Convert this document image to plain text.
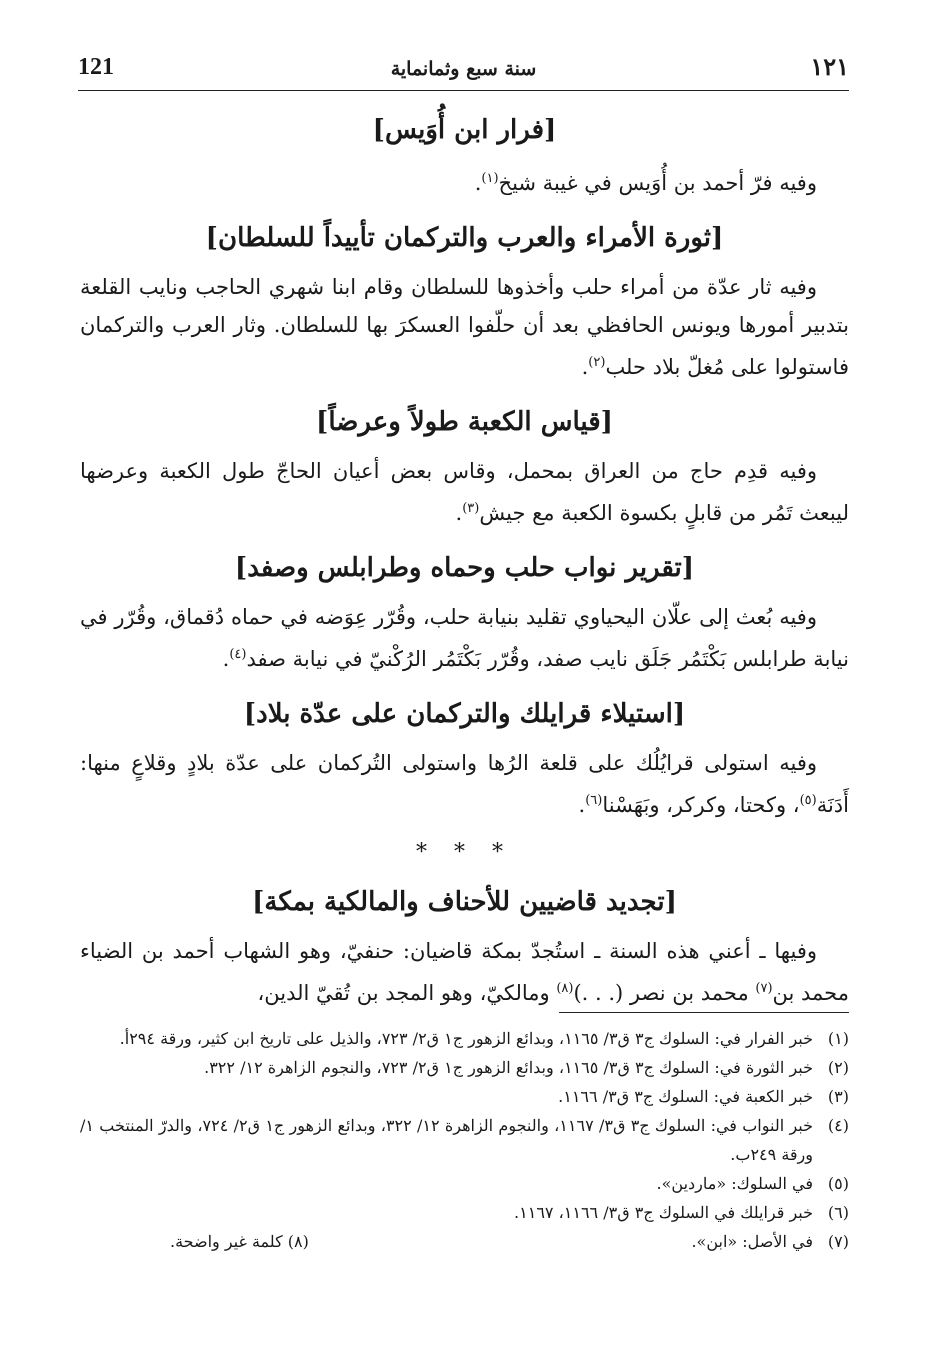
121	سنة سبع وثمانماية	١٢١
[فرار ابن أُوَيس]

وفيه فرّ أحمد بن أُوَيس في غيبة شيخ$^{(١)}$.

[ثورة الأمراء والعرب والتركمان تأييداً للسلطان]

وفيه ثار عدّة من أمراء حلب وأخذوها للسلطان وقام ابنا شهري الحاجب ونايب القلعة بتدبير أمورها ويونس الحافظي بعد أن حلّفوا العسكرَ بها للسلطان. وثار العرب والتركمان فاستولوا على مُغلّ بلاد حلب$^{(٢)}$.

[قياس الكعبة طولاً وعرضاً]

وفيه قدِم حاج من العراق بمحمل، وقاس بعض أعيان الحاجّ طول الكعبة وعرضها ليبعث تَمُر من قابلٍ بكسوة الكعبة مع جيش$^{(٣)}$.

[تقرير نواب حلب وحماه وطرابلس وصفد]

وفيه بُعث إلى علّان اليحياوي تقليد بنيابة حلب، وقُرّر عِوَضه في حماه دُقماق، وقُرّر في نيابة طرابلس بَكْتَمُر جَلَق نايب صفد، وقُرّر بَكْتَمُر الرُكْنيّ في نيابة صفد$^{(٤)}$.

[استيلاء قرايلك والتركمان على عدّة بلاد]

وفيه استولى قرايُلُك على قلعة الرُها واستولى التُركمان على عدّة بلادٍ وقلاعٍ منها: أَدَنَة$^{(٥)}$، وكحتا، وكركر، وبَهَسْنا$^{(٦)}$.

* * *
[تجديد قاضيين للأحناف والمالكية بمكة]

وفيها ـ أعني هذه السنة ـ استُجدّ بمكة قاضيان: حنفيّ، وهو الشهاب أحمد بن الضياء محمد بن$^{(٧)}$ محمد بن نصر (. . .)$^{(٨)}$ ومالكيّ، وهو المجد بن تُقيّ الدين،

(١)
خبر الفرار في: السلوك ج٣ ق٣/ ١١٦٥، وبدائع الزهور ج١ ق٢/ ٧٢٣، والذيل على تاريخ ابن كثير، ورقة ٢٩٤أ.
(٢)
خبر الثورة في: السلوك ج٣ ق٣/ ١١٦٥، وبدائع الزهور ج١ ق٢/ ٧٢٣، والنجوم الزاهرة ١٢/ ٣٢٢.
(٣)
خبر الكعبة في: السلوك ج٣ ق٣/ ١١٦٦.
(٤)
خبر النواب في: السلوك ج٣ ق٣/ ١١٦٧، والنجوم الزاهرة ١٢/ ٣٢٢، وبدائع الزهور ج١ ق٢/ ٧٢٤، والدرّ المنتخب ١/ ورقة ٢٤٩ب.
(٥)
في السلوك: «ماردين».
(٦)
خبر قرايلك في السلوك ج٣ ق٣/ ١١٦٦، ١١٦٧.
(٧)
في الأصل: «ابن».
(٨) كلمة غير واضحة.
